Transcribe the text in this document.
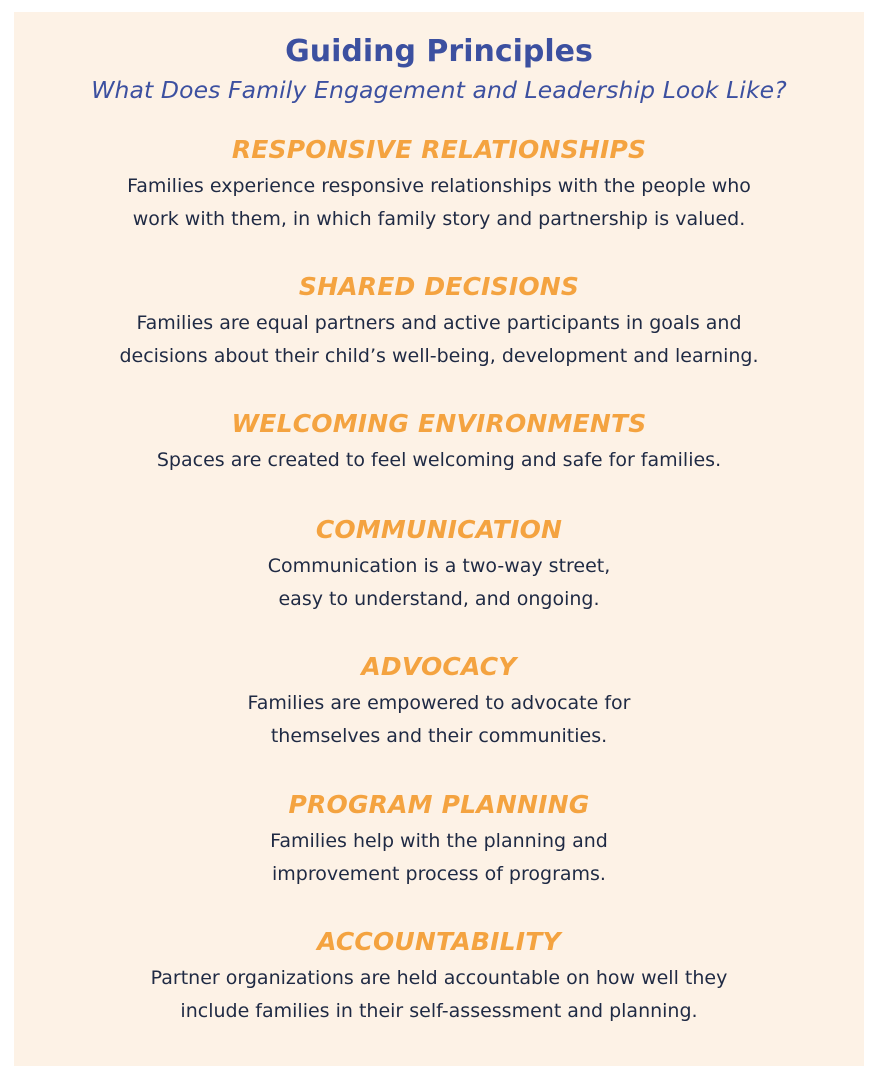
Guiding Principles

What Does Family Engagement and Leadership Look Like?

RESPONSIVE RELATIONSHIPS

Families experience responsive relationships with the people who
work with them, in which family story and partnership is valued.

SHARED DECISIONS

Families are equal partners and active participants in goals and
decisions about their child’s well-being, development and learning.

WELCOMING ENVIRONMENTS

Spaces are created to feel welcoming and safe for families.

COMMUNICATION

Communication is a two-way street,
easy to understand, and ongoing.

ADVOCACY

Families are empowered to advocate for
themselves and their communities.

PROGRAM PLANNING

Families help with the planning and
improvement process of programs.

ACCOUNTABILITY

Partner organizations are held accountable on how well they
include families in their self-assessment and planning.
